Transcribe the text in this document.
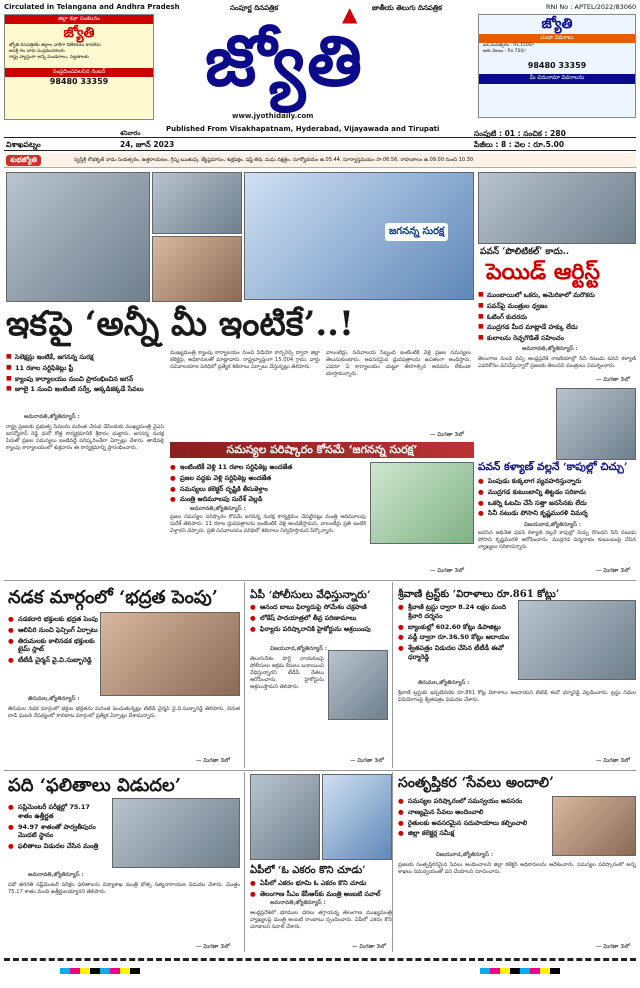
Circulated in Telangana and Andhra Pradesh
జిల్లా కథా సంకలనం
జ్యోతి
జ్యోతి దినపత్రికకు జిల్లాల వారీగా విలేకరులు కావలెను
ఆసక్తి గల వారు సంప్రదించగలరు
రాష్ట్ర వ్యాప్తంగా అన్ని మండలాలు, పట్టణాలకు
సంప్రదించవలసిన నంబర్
98480 33359
సంపూర్ణ దినపత్రిక	▲ జాతీయ తెలుగు దినపత్రిక
జ్యోతి
www.jyothidaily.com
Published From Visakhapatnam, Hyderabad, Vijayawada and Tirupati
RNI No : APTEL/2022/83060
జ్యోతి
చందా వివరాలు
ఒక సంవత్సరం : Rs.1500/-
ఆరు నెలలు : Rs.750/-
98480 33359
మీ చిరునామా వివరాలను
విశాఖపట్నం
శనివారం
24, జూన్ 2023
సంపుటి : 01 : సంచిక : 280
పేజీలు : 8 : వెల : రూ.5.00
శుభజ్యోతి	స్వస్తిశ్రీ శోభకృత్ నామ సంవత్సరం, ఉత్తరాయణం, గ్రీష్మ ఋతువు, జ్యేష్ఠమాసం, శుక్లపక్షం, షష్ఠి తిథి, మఘ నక్షత్రం, సూర్యోదయం ఉ.05.44, సూర్యాస్తమయం సా.06.56, రాహుకాలం ఉ.09.00 నుంచి 10.30
జగనన్న సురక్ష
పవన్ ‘పొలిటికల్’ కాదు..
పెయిడ్ ఆర్టిస్ట్
■ ముంబాయిలో ఒకరు, అమెరికాలో మరొకరు
■ పవన్‌పై మంత్రుల ధ్వజం
■ ఓటింగ్ కుదరదు
■ ముద్రగడ మీద మాట్లాడే హక్కు లేదు
■ కులాలను రెచ్చగొడితే సహించం
ఇకపై ‘అన్నీ మీ ఇంటికే’..!
■ సెలెక్షన్లు ఇంటికే, జగనన్న సురక్ష
■ 11 రకాల సర్టిఫికెట్లు ఫ్రీ
■ క్యాంపు కార్యాలయం నుంచి ప్రారంభించిన జగన్
■ జూలై 1 నుంచి ఇంటింటి సర్వే, అక్కడికక్కడే సేవలు
అమరావతి,జ్యోతిన్యూస్ :
రాష్ట్ర ప్రజలకు ప్రభుత్వ సేవలను మరింత చేరువ చేసేందుకు ముఖ్యమంత్రి వైఎస్ జగన్మోహన్ రెడ్డి మరో కొత్త కార్యక్రమానికి శ్రీకారం చుట్టారు. జగనన్న సురక్ష పేరుతో ప్రజల సమస్యలు ఇంటివద్దే పరిష్కరించేలా ఏర్పాట్లు చేశారు. తాడేపల్లి క్యాంపు కార్యాలయంలో శుక్రవారం ఈ కార్యక్రమాన్ని ప్రారంభించారు.
ముఖ్యమంత్రి క్యాంపు కార్యాలయం నుంచి వీడియో కాన్ఫరెన్స్ ద్వారా జిల్లా కలెక్టర్లు, అధికారులతో మాట్లాడారు. రాష్ట్రవ్యాప్తంగా 15,004 గ్రామ, వార్డు సచివాలయాల పరిధిలో ప్రత్యేక శిబిరాలు ఏర్పాటు చేస్తున్నట్లు తెలిపారు.
వాలంటీర్లు, సచివాలయ సిబ్బంది ఇంటింటికీ వెళ్లి ప్రజల సమస్యలు తెలుసుకుంటారు. అవసరమైన ధ్రువపత్రాలను ఉచితంగా అందిస్తారు. ఎవరూ ఏ కార్యాలయం చుట్టూ తిరగాల్సిన అవసరం లేకుండా చూస్తామన్నారు.
— మిగతా 3లో
సమస్యల పరిష్కారం కోసమే ‘జగనన్న సురక్ష’
● ఇంటింటికీ వెళ్లి 11 రకాల సర్టిఫికెట్ల అందజేత
● ప్రజల వద్దకు వెళ్లి సర్టిఫికెట్ల అందజేత
● సమస్యలు కలెక్టర్ దృష్టికి తీసుకెళ్తాం
● మంత్రి ఆదిమూలపు సురేశ్ వెల్లడి
అమరావతి,జ్యోతిన్యూస్ :
ప్రజల సమస్యల పరిష్కారం కోసమే జగనన్న సురక్ష కార్యక్రమం చేపట్టినట్లు మంత్రి ఆదిమూలపు సురేశ్ తెలిపారు. 11 రకాల ధ్రువపత్రాలను ఇంటింటికి వెళ్లి అందజేస్తామని, వాలంటీర్లు ప్రతి ఇంటికి వెళ్తారని చెప్పారు. ప్రతి సచివాలయం పరిధిలో శిబిరాలు నిర్వహిస్తామని పేర్కొన్నారు.
— మిగతా 3లో
అమరావతి,జ్యోతిన్యూస్ :
తెలంగాణ నుంచి వచ్చి ఆంధ్రప్రదేశ్ రాజకీయాల్లో సినీ నటుడు పవన్ కళ్యాణ్ ఎవరికోసం పనిచేస్తున్నారో ప్రజలకు తెలుసని మంత్రులు విమర్శించారు.
— మిగతా 3లో
పవన్ కళ్యాణ్ వల్లనే ‘కాపుల్లో చిచ్చు’
● పెంపుడు కుక్కలాగ వ్యవహరిస్తున్నారు
● ముద్రగడ కుటుంబాన్ని తిట్టడం సరికాదు
● ఒకర్ని ఓటమి చేసే సత్తా జనసేనకు లేదు
● సినీ నటుడు పోసాని కృష్ణమురళి విమర్శ
విజయవాడ,జ్యోతిన్యూస్ :
జనసేన అధినేత పవన్ కళ్యాణ్ వల్లనే కాపుల్లో చిచ్చు రేగిందని సినీ నటుడు పోసాని కృష్ణమురళి ఆరోపించారు. ముద్రగడ పద్మనాభం కుటుంబంపై చేసిన వ్యాఖ్యలు సరికాదన్నారు.
— మిగతా 3లో
నడక మార్గంలో ‘భద్రత పెంపు’
● నడకదారి భక్తులకు భద్రత పెంపు
● ఆలిపిరి నుంచి ఫెన్సింగ్ ఏర్పాటు
● తిరుమలకు కాలినడక భక్తులకు టైమ్ స్లాట్
● టీటీడీ చైర్మన్ వై.వి.సుబ్బారెడ్డి
తిరుమల,జ్యోతిన్యూస్ :
తిరుమల నడక మార్గంలో భక్తుల భద్రతను మరింత పెంచుతున్నట్లు టీటీడీ చైర్మన్ వై.వి.సుబ్బారెడ్డి తెలిపారు. చిరుత దాడి ఘటన నేపథ్యంలో కాలిబాట మార్గంలో ప్రత్యేక ఏర్పాట్లు చేశామన్నారు.
— మిగతా 3లో
ఏపీ ‘పోలీసులు వేధిస్తున్నారు’
● ఆనంద బాబు ఫిర్యాదుపై సోమేశం చక్రపాణి
● లోకేష్‌ పాదయాత్రలో తీవ్ర పరిణామాలు
● ఫిర్యాదు పరిష్కారానికి హైకోర్టును ఆశ్రయింపు
విజయవాడ,జ్యోతిన్యూస్ :
తెలుగుదేశం పార్టీ నాయకులపై పోలీసులు అక్రమ కేసులు బనాయించి వేధిస్తున్నారని టీడీపీ నేతలు ఆరోపించారు. హైకోర్టును ఆశ్రయిస్తామని తెలిపారు.
— మిగతా 3లో
శ్రీవాణి ట్రస్ట్‌కు ‘విరాళాలు రూ.861 కోట్లు’
● శ్రీవాణి ట్రస్టు ద్వారా 8.24 లక్షల మంది శ్రీవారి దర్శనం
● బ్యాంకుల్లో 602.60 కోట్లు డిపాజిట్లు
● వడ్డీ ద్వారా రూ.36.50 కోట్లు ఆదాయం
● శ్వేతపత్రం విడుదల చేసిన టీటీడీ ఈవో ధర్మారెడ్డి
తిరుమల,జ్యోతిన్యూస్ :
శ్రీవాణి ట్రస్టుకు ఇప్పటివరకు రూ.861 కోట్ల విరాళాలు అందాయని టీటీడీ ఈవో ధర్మారెడ్డి వెల్లడించారు. ట్రస్టు నిధుల వినియోగంపై శ్వేతపత్రం విడుదల చేశారు.
— మిగతా 3లో
పది ‘ఫలితాలు విడుదల’
● సప్లిమెంటరీ పరీక్షల్లో 75.17 శాతం ఉత్తీర్ణత
● 94.97 శాతంతో పార్వతీపురం మొదటి స్థానం
● ఫలితాలు విడుదల చేసిన మంత్రి
అమరావతి,జ్యోతిన్యూస్ :
పదో తరగతి సప్లిమెంటరీ పరీక్షల ఫలితాలను విద్యాశాఖ మంత్రి బొత్స సత్యనారాయణ విడుదల చేశారు. మొత్తం 75.17 శాతం మంది ఉత్తీర్ణులయ్యారని తెలిపారు.
— మిగతా 3లో
ఏపీలో ‘ఓ ఎకరం కొని చూడు’
● ఏపీలో ఎకరం భూమి ఓ ఎకరం కొని చూడు
● తెలంగాణ సీఎం కేసీఆర్‌కు మంత్రి అంబటి సవాల్
అమరావతి,జ్యోతిన్యూస్ :
ఆంధ్రప్రదేశ్‌లో భూముల ధరలు తగ్గాయన్న తెలంగాణ ముఖ్యమంత్రి వ్యాఖ్యలపై మంత్రి అంబటి రాంబాబు స్పందించారు. ఏపీలో ఎకరం కొని చూడాలని సవాల్ చేశారు.
— మిగతా 3లో
సంతృప్తికర ‘సేవలు అందాలి’
● సమస్యల పరిష్కారంలో సమన్వయం అవసరం
● నాణ్యమైన సేవలు అందించాలి
● రైతులకు అవసరమైన సదుపాయాలు కల్పించాలి
● జిల్లా కలెక్టర్ల సమీక్ష
విజయవాడ,జ్యోతిన్యూస్ :
ప్రజలకు సంతృప్తికరమైన సేవలు అందించాలని జిల్లా కలెక్టర్ అధికారులను ఆదేశించారు. సమస్యల పరిష్కారంలో అన్ని శాఖలు సమన్వయంతో పని చేయాలని సూచించారు.
— మిగతా 3లో
